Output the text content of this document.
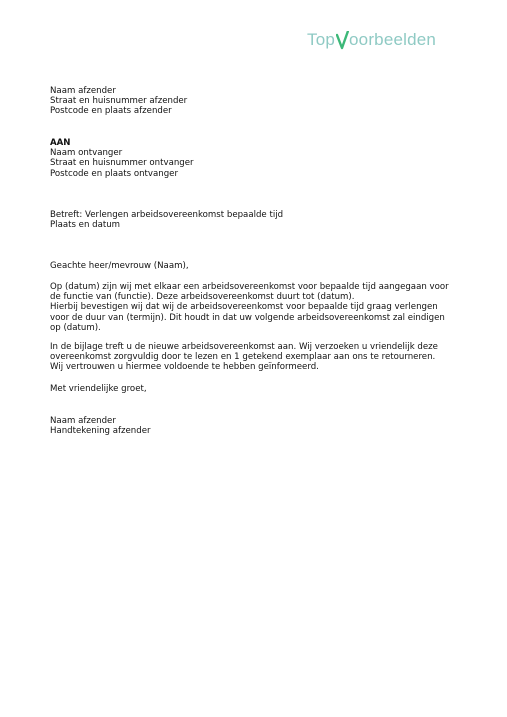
Top oorbeelden
Naam afzender
Straat en huisnummer afzender
Postcode en plaats afzender
AAN
Naam ontvanger
Straat en huisnummer ontvanger
Postcode en plaats ontvanger
Betreft: Verlengen arbeidsovereenkomst bepaalde tijd
Plaats en datum
Geachte heer/mevrouw (Naam),
Op (datum) zijn wij met elkaar een arbeidsovereenkomst voor bepaalde tijd aangegaan voor
de functie van (functie). Deze arbeidsovereenkomst duurt tot (datum).
Hierbij bevestigen wij dat wij de arbeidsovereenkomst voor bepaalde tijd graag verlengen
voor de duur van (termijn). Dit houdt in dat uw volgende arbeidsovereenkomst zal eindigen
op (datum).
In de bijlage treft u de nieuwe arbeidsovereenkomst aan. Wij verzoeken u vriendelijk deze
overeenkomst zorgvuldig door te lezen en 1 getekend exemplaar aan ons te retourneren.
Wij vertrouwen u hiermee voldoende te hebben geïnformeerd.
Met vriendelijke groet,
Naam afzender
Handtekening afzender
